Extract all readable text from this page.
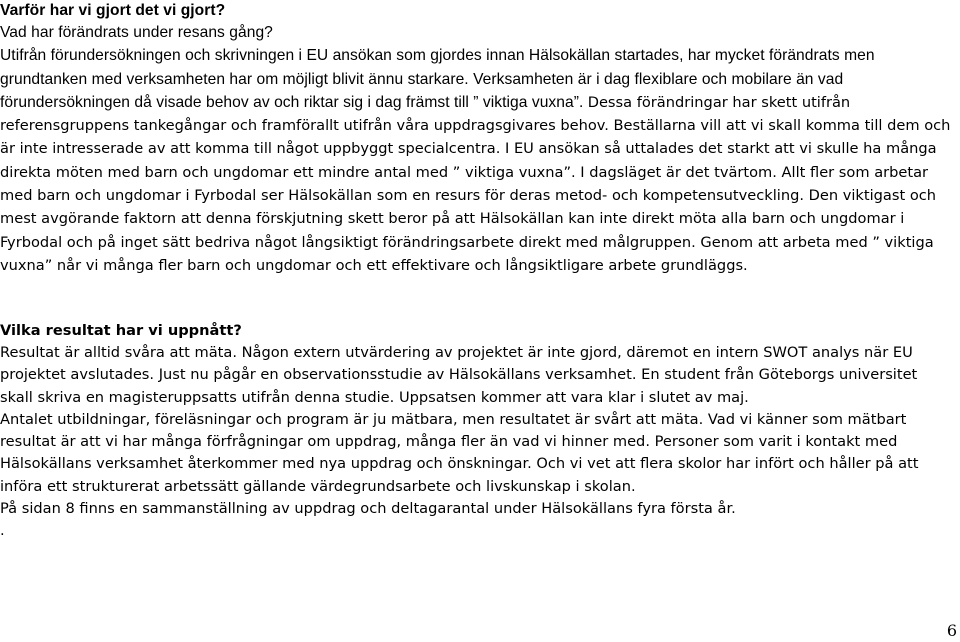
Varför har vi gjort det vi gjort?

Vad har förändrats under resans gång?

Utifrån förundersökningen och skrivningen i EU ansökan som gjordes innan Hälsokällan startades, har mycket förändrats men grundtanken med verksamheten har om möjligt blivit ännu starkare. Verksamheten är i dag flexiblare och mobilare än vad förundersökningen då visade behov av och riktar sig i dag främst till ” viktiga vuxna”. Dessa förändringar har skett utifrån referensgruppens tankegångar och framförallt utifrån våra uppdragsgivares behov. Beställarna vill att vi skall komma till dem och är inte intresserade av att komma till något uppbyggt specialcentra. I EU ansökan så uttalades det starkt att vi skulle ha många direkta möten med barn och ungdomar ett mindre antal med ” viktiga vuxna”. I dagsläget är det tvärtom. Allt fler som arbetar med barn och ungdomar i Fyrbodal ser Hälsokällan som en resurs för deras metod- och kompetensutveckling. Den viktigast och mest avgörande faktorn att denna förskjutning skett beror på att Hälsokällan kan inte direkt möta alla barn och ungdomar i Fyrbodal och på inget sätt bedriva något långsiktigt förändringsarbete direkt med målgruppen. Genom att arbeta med ” viktiga vuxna” når vi många fler barn och ungdomar och ett effektivare och långsiktligare arbete grundläggs.

Vilka resultat har vi uppnått?

Resultat är alltid svåra att mäta. Någon extern utvärdering av projektet är inte gjord, däremot en intern SWOT analys när EU projektet avslutades. Just nu pågår en observationsstudie av Hälsokällans verksamhet. En student från Göteborgs universitet skall skriva en magisteruppsatts utifrån denna studie. Uppsatsen kommer att vara klar i slutet av maj.

Antalet utbildningar, föreläsningar och program är ju mätbara, men resultatet är svårt att mäta. Vad vi känner som mätbart resultat är att vi har många förfrågningar om uppdrag, många fler än vad vi hinner med. Personer som varit i kontakt med Hälsokällans verksamhet återkommer med nya uppdrag och önskningar. Och vi vet att flera skolor har infört och håller på att införa ett strukturerat arbetssätt gällande värdegrundsarbete och livskunskap i skolan.

På sidan 8 finns en sammanställning av uppdrag och deltagarantal under Hälsokällans fyra första år.

.

6
